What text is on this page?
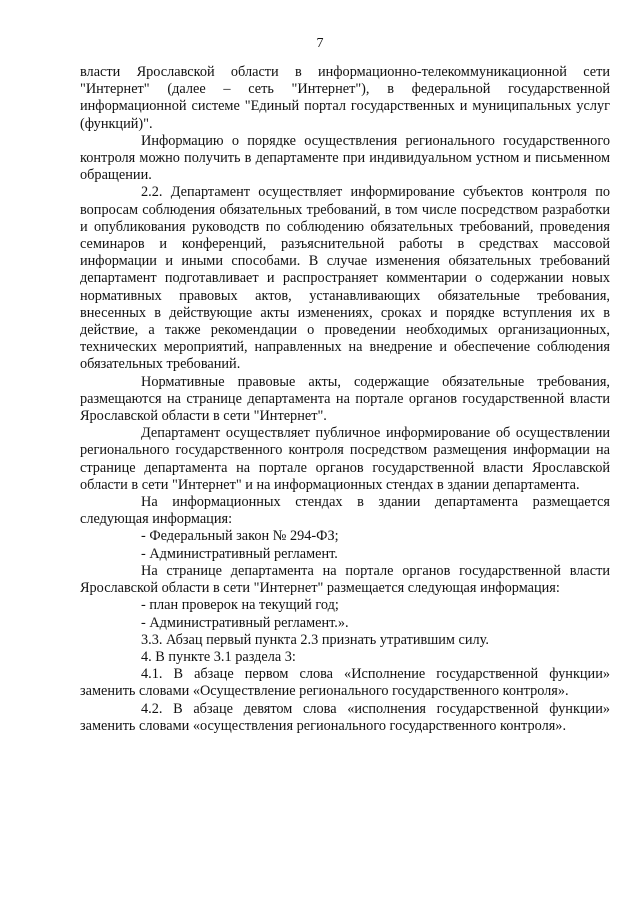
7

власти Ярославской области в информационно-телекоммуникационной сети "Интернет" (далее – сеть "Интернет"), в федеральной государственной информационной системе "Единый портал государственных и муниципальных услуг (функций)".

Информацию о порядке осуществления регионального государственного контроля можно получить в департаменте при индивидуальном устном и письменном обращении.

2.2. Департамент осуществляет информирование субъектов контроля по вопросам соблюдения обязательных требований, в том числе посредством разработки и опубликования руководств по соблюдению обязательных требований, проведения семинаров и конференций, разъяснительной работы в средствах массовой информации и иными способами. В случае изменения обязательных требований департамент подготавливает и распространяет комментарии о содержании новых нормативных правовых актов, устанавливающих обязательные требования, внесенных в действующие акты изменениях, сроках и порядке вступления их в действие, а также рекомендации о проведении необходимых организационных, технических мероприятий, направленных на внедрение и обеспечение соблюдения обязательных требований.

Нормативные правовые акты, содержащие обязательные требования, размещаются на странице департамента на портале органов государственной власти Ярославской области в сети "Интернет".

Департамент осуществляет публичное информирование об осуществлении регионального государственного контроля посредством размещения информации на странице департамента на портале органов государственной власти Ярославской области в сети "Интернет" и на информационных стендах в здании департамента.

На информационных стендах в здании департамента размещается следующая информация:

- Федеральный закон № 294-ФЗ;

- Административный регламент.

На странице департамента на портале органов государственной власти Ярославской области в сети "Интернет" размещается следующая информация:

- план проверок на текущий год;

- Административный регламент.».

3.3. Абзац первый пункта 2.3 признать утратившим силу.

4. В пункте 3.1 раздела 3:

4.1. В абзаце первом слова «Исполнение государственной функции» заменить словами «Осуществление регионального государственного контроля».

4.2. В абзаце девятом слова «исполнения государственной функции» заменить словами «осуществления регионального государственного контроля».
